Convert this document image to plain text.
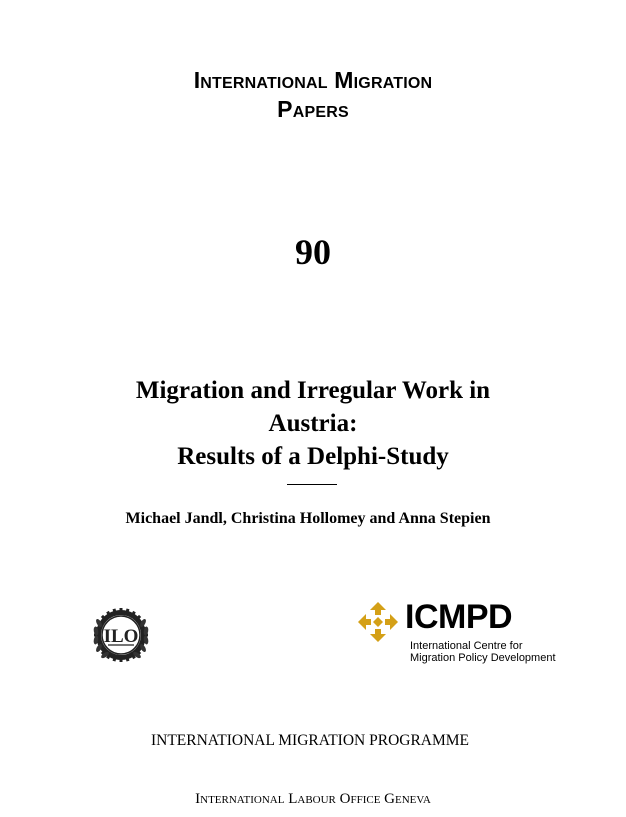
International Migration
Papers
90
Migration and Irregular Work in
Austria:
Results of a Delphi-Study
Michael Jandl, Christina Hollomey and Anna Stepien
ILO
ICMPD
International Centre for
Migration Policy Development
INTERNATIONAL MIGRATION PROGRAMME
International Labour Office Geneva
